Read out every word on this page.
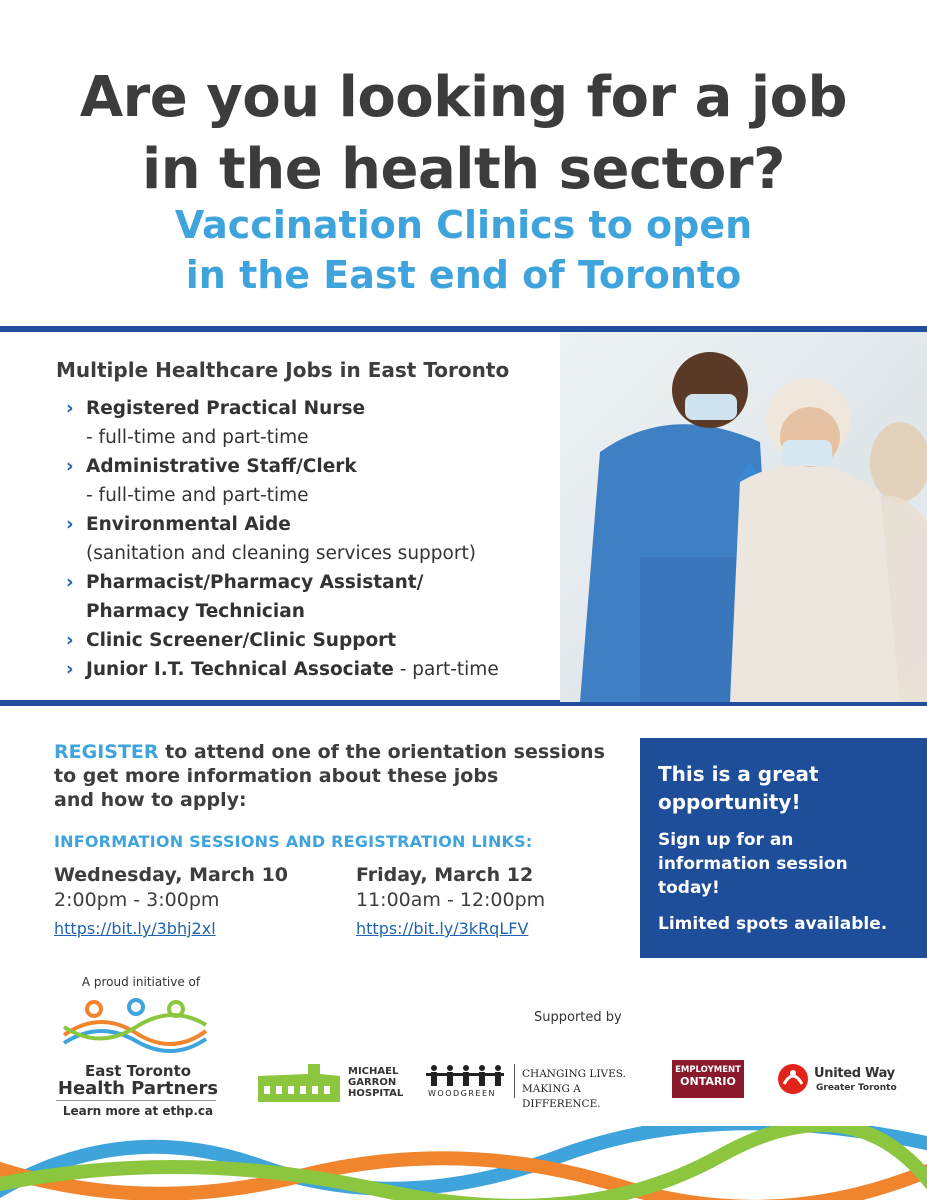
Are you looking for a job
in the health sector?
Vaccination Clinics to open
in the East end of Toronto
Multiple Healthcare Jobs in East Toronto
› Registered Practical Nurse
- full-time and part-time
› Administrative Staff/Clerk
- full-time and part-time
› Environmental Aide
(sanitation and cleaning services support)
› Pharmacist/Pharmacy Assistant/
Pharmacy Technician
› Clinic Screener/Clinic Support
› Junior I.T. Technical Associate - part-time
REGISTER to attend one of the orientation sessions
to get more information about these jobs
and how to apply:
INFORMATION SESSIONS AND REGISTRATION LINKS:
Wednesday, March 10
2:00pm - 3:00pm
https://bit.ly/3bhj2xl
Friday, March 12
11:00am - 12:00pm
https://bit.ly/3kRqLFV
This is a great
opportunity!
Sign up for an
information session
today!
Limited spots available.
A proud initiative of
East Toronto
Health Partners
Learn more at ethp.ca
Supported by
MICHAEL
GARRON
HOSPITAL	WOODGREEN
CHANGING LIVES.
MAKING A DIFFERENCE.
EMPLOYMENT
ONTARIO
United Way
Greater Toronto
